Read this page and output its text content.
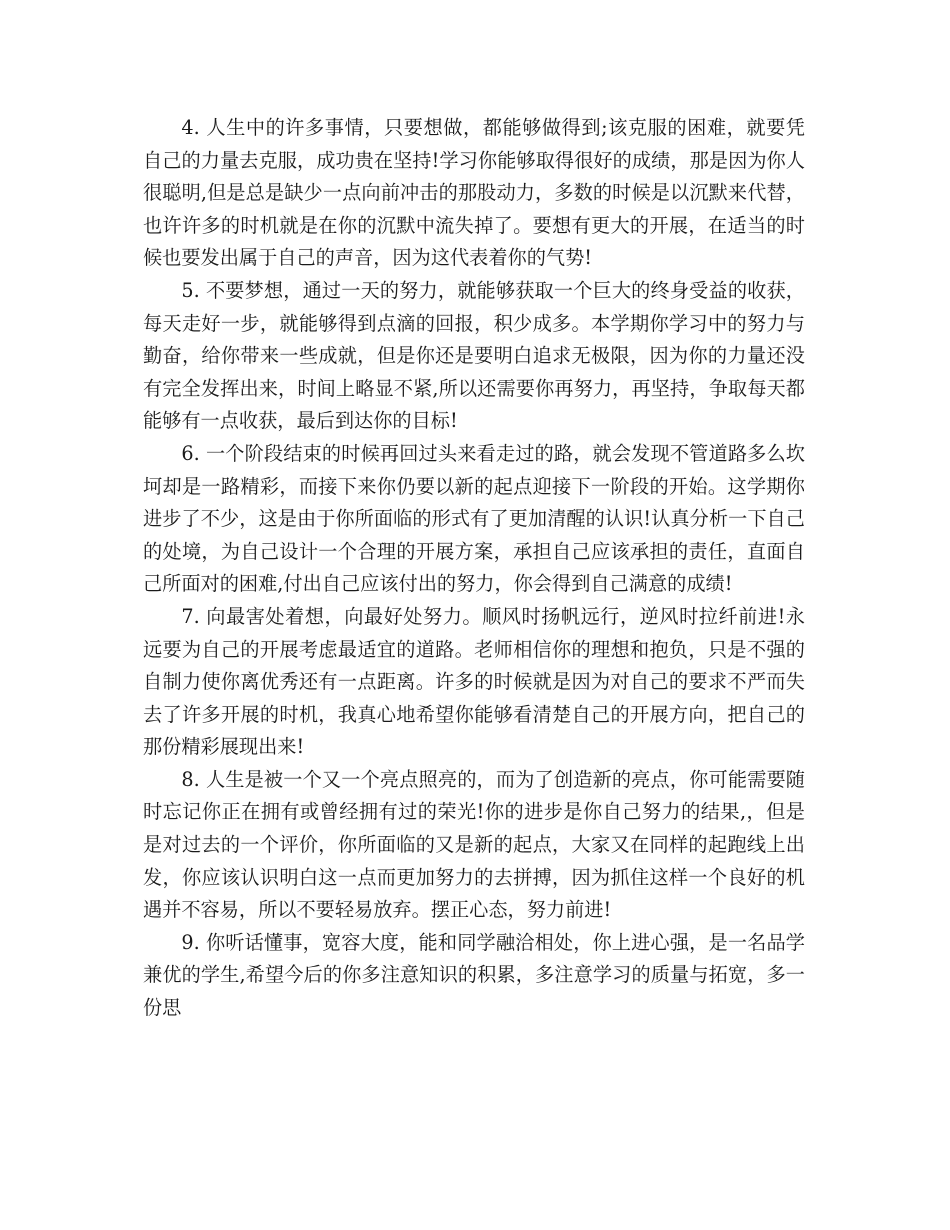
4. 人生中的许多事情，只要想做，都能够做得到;该克服的困难，就要凭自己的力量去克服，成功贵在坚持!学习你能够取得很好的成绩，那是因为你人很聪明,但是总是缺少一点向前冲击的那股动力，多数的时候是以沉默来代替，也许许多的时机就是在你的沉默中流失掉了。要想有更大的开展，在适当的时候也要发出属于自己的声音，因为这代表着你的气势!

5. 不要梦想，通过一天的努力，就能够获取一个巨大的终身受益的收获，每天走好一步，就能够得到点滴的回报，积少成多。本学期你学习中的努力与勤奋，给你带来一些成就，但是你还是要明白追求无极限，因为你的力量还没有完全发挥出来，时间上略显不紧,所以还需要你再努力，再坚持，争取每天都能够有一点收获，最后到达你的目标!

6. 一个阶段结束的时候再回过头来看走过的路，就会发现不管道路多么坎坷却是一路精彩，而接下来你仍要以新的起点迎接下一阶段的开始。这学期你进步了不少，这是由于你所面临的形式有了更加清醒的认识!认真分析一下自己的处境，为自己设计一个合理的开展方案，承担自己应该承担的责任，直面自己所面对的困难,付出自己应该付出的努力，你会得到自己满意的成绩!

7. 向最害处着想，向最好处努力。顺风时扬帆远行，逆风时拉纤前进!永远要为自己的开展考虑最适宜的道路。老师相信你的理想和抱负，只是不强的自制力使你离优秀还有一点距离。许多的时候就是因为对自己的要求不严而失去了许多开展的时机，我真心地希望你能够看清楚自己的开展方向，把自己的那份精彩展现出来!

8. 人生是被一个又一个亮点照亮的，而为了创造新的亮点，你可能需要随时忘记你正在拥有或曾经拥有过的荣光!你的进步是你自己努力的结果,，但是是对过去的一个评价，你所面临的又是新的起点，大家又在同样的起跑线上出发，你应该认识明白这一点而更加努力的去拼搏，因为抓住这样一个良好的机遇并不容易，所以不要轻易放弃。摆正心态，努力前进!

9. 你听话懂事，宽容大度，能和同学融洽相处，你上进心强，是一名品学兼优的学生,希望今后的你多注意知识的积累，多注意学习的质量与拓宽，多一份思
